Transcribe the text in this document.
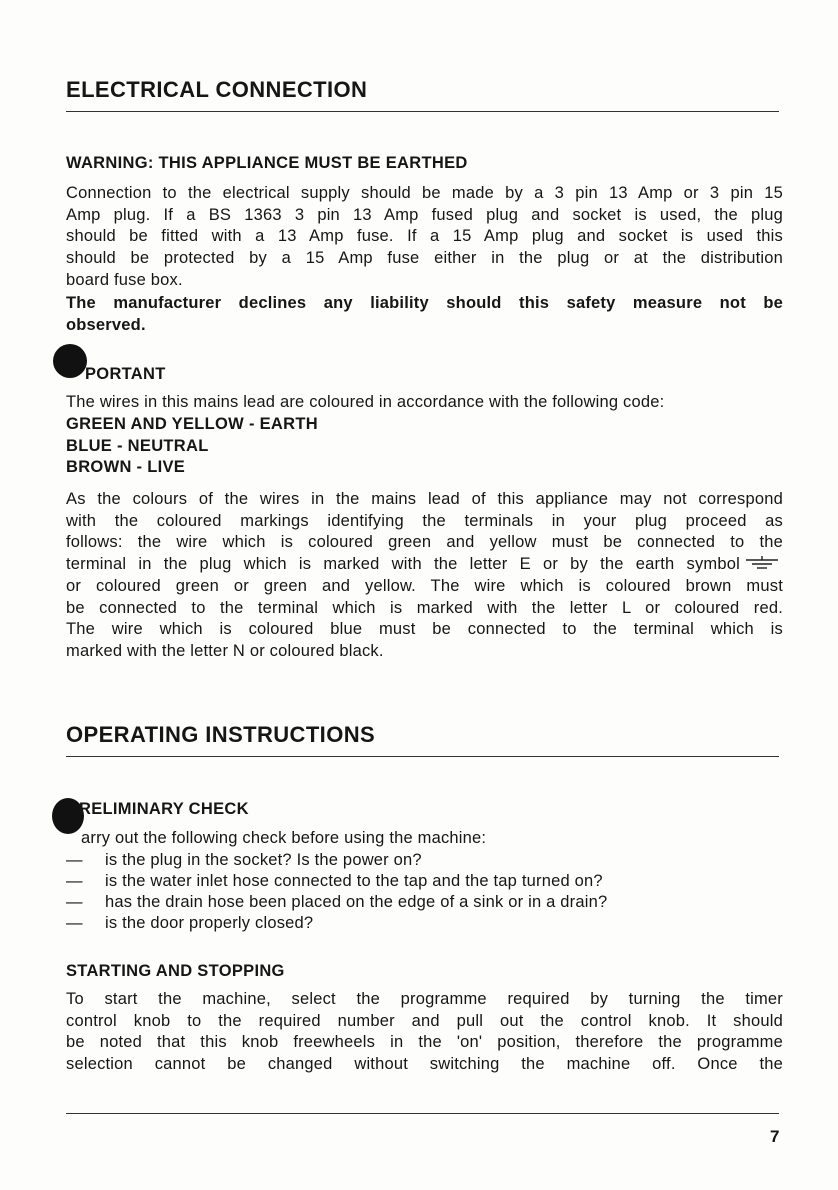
ELECTRICAL CONNECTION
WARNING: THIS APPLIANCE MUST BE EARTHED

Connection to the electrical supply should be made by a 3 pin 13 Amp or 3 pin 15
Amp plug. If a BS 1363 3 pin 13 Amp fused plug and socket is used, the plug
should be fitted with a 13 Amp fuse. If a 15 Amp plug and socket is used this
should be protected by a 15 Amp fuse either in the plug or at the distribution
board fuse box.

The manufacturer declines any liability should this safety measure not be
observed.

PORTANT

The wires in this mains lead are coloured in accordance with the following code:

GREEN AND YELLOW - EARTH
BLUE - NEUTRAL
BROWN - LIVE

As the colours of the wires in the mains lead of this appliance may not correspond
with the coloured markings identifying the terminals in your plug proceed as
follows: the wire which is coloured green and yellow must be connected to the
terminal in the plug which is marked with the letter E or by the earth symbol
or coloured green or green and yellow. The wire which is coloured brown must
be connected to the terminal which is marked with the letter L or coloured red.
The wire which is coloured blue must be connected to the terminal which is
marked with the letter N or coloured black.

OPERATING INSTRUCTIONS
RELIMINARY CHECK

arry out the following check before using the machine:

— is the plug in the socket? Is the power on?
— is the water inlet hose connected to the tap and the tap turned on?
— has the drain hose been placed on the edge of a sink or in a drain?
— is the door properly closed?
STARTING AND STOPPING

To start the machine, select the programme required by turning the timer
control knob to the required number and pull out the control knob. It should
be noted that this knob freewheels in the 'on' position, therefore the programme
selection cannot be changed without switching the machine off. Once the

7
